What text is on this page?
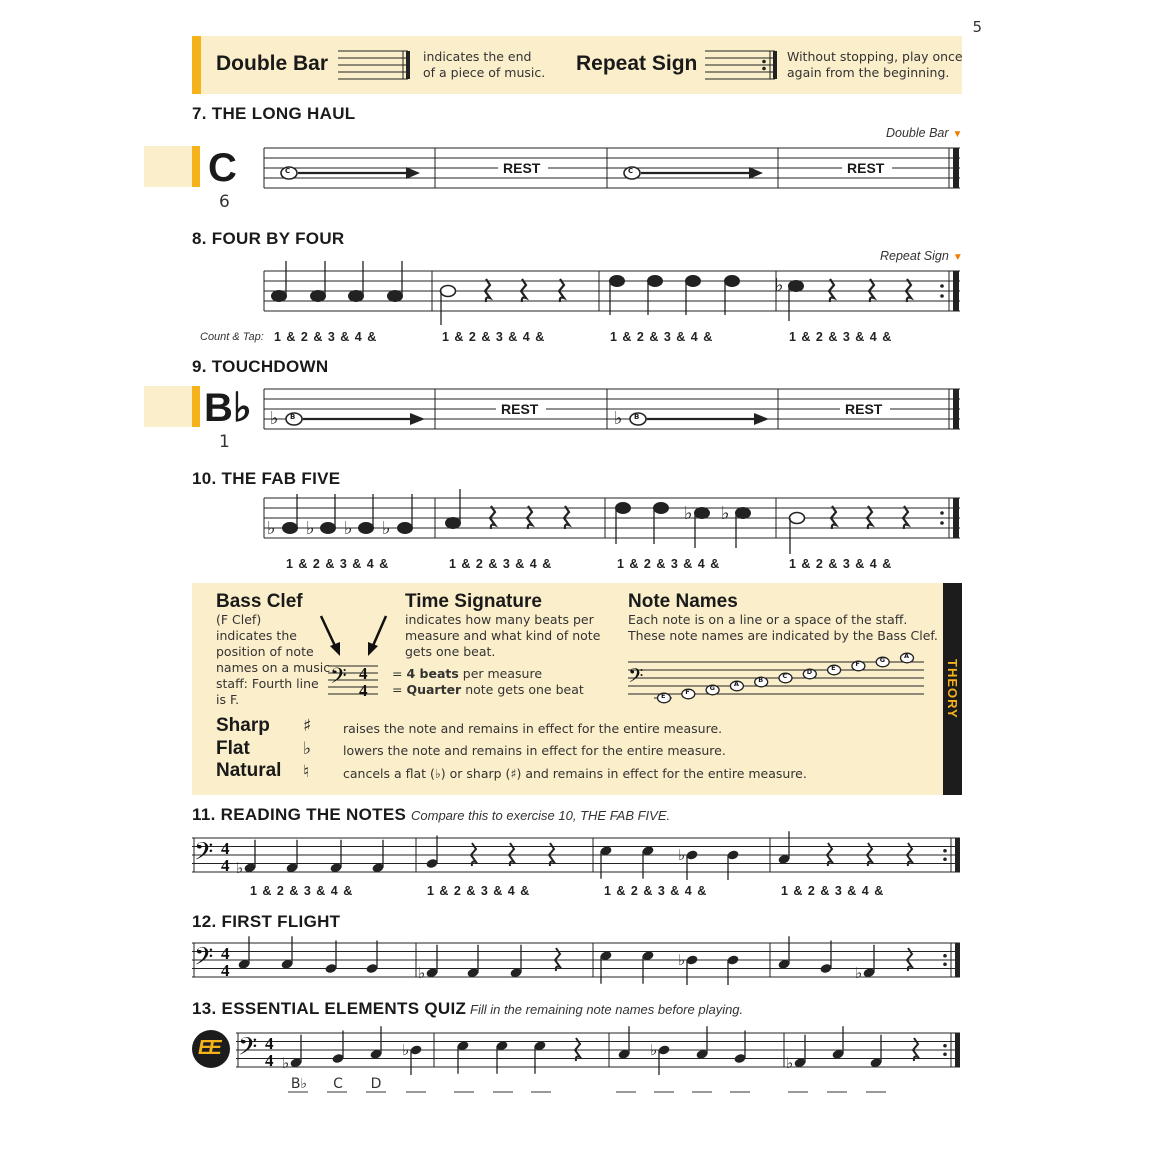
5
Double Bar	indicates the end
of a piece of music. Repeat Sign	Without stopping, play once
again from the beginning.
7. THE LONG HAUL
Double Bar ▼
C
6
C	C
REST	REST
8. FOUR BY FOUR
Repeat Sign ▼
♭
Count & Tap: 1 & 2 & 3 & 4 &	1 & 2 & 3 & 4 &	1 & 2 & 3 & 4 &	1 & 2 & 3 & 4 &
9. TOUCHDOWN
B♭
1
♭	♭
B	B
REST	REST
10. THE FAB FIVE
♭ ♭ ♭ ♭
♭ ♭
1 & 2 & 3 & 4 &	1 & 2 & 3 & 4 &	1 & 2 & 3 & 4 &	1 & 2 & 3 & 4 &
THEORY
Bass Clef
(F Clef)
indicates the
position of note
names on a music
staff: Fourth line
is F.
𝄢 4
4
Time Signature
indicates how many beats per
measure and what kind of note
gets one beat.
= 4 beats per measure
= Quarter note gets one beat
Note Names
Each note is on a line or a space of the staff.
These note names are indicated by the Bass Clef.
𝄢
E	F	G	A	B	C	D	E	F	G	A
Sharp ♯	raises the note and remains in effect for the entire measure.
Flat	♭	lowers the note and remains in effect for the entire measure.
Natural ♮	cancels a flat (♭) or sharp (♯) and remains in effect for the entire measure.
11. READING THE NOTES Compare this to exercise 10, THE FAB FIVE.
𝄢 4
4 ♭
♭
1 & 2 & 3 & 4 &	1 & 2 & 3 & 4 &	1 & 2 & 3 & 4 &	1 & 2 & 3 & 4 &
12. FIRST FLIGHT
𝄢 4
4	♭
♭
♭
13. ESSENTIAL ELEMENTS QUIZ Fill in the remaining note names before playing.
EE 𝄢 4
4 ♭
♭	♭
♭
B♭	C	D
